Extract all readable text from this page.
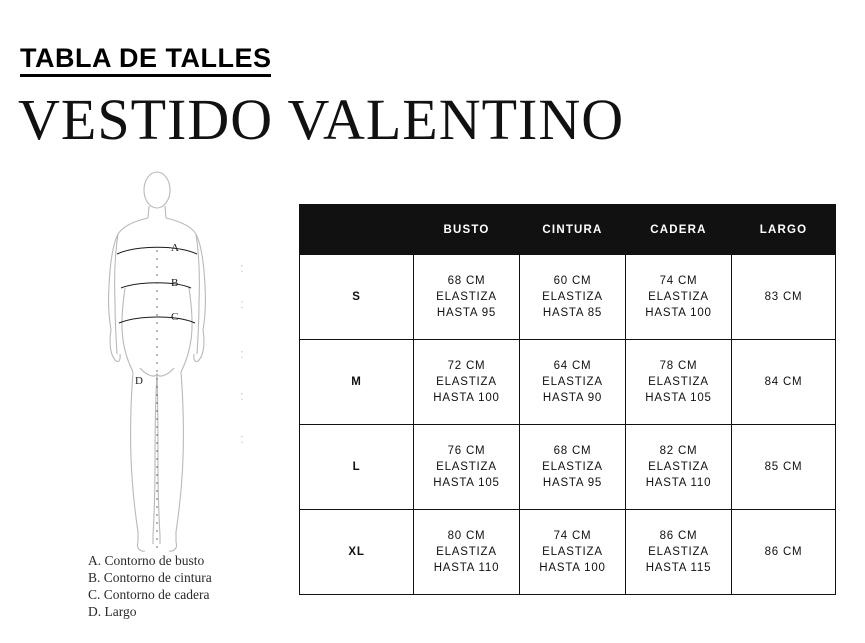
TABLA DE TALLES
VESTIDO VALENTINO
A
B
C
D
:
:
:
:
:
A. Contorno de busto
B. Contorno de cintura
C. Contorno de cadera
D. Largo
	BUSTO	CINTURA	CADERA	LARGO
S	68 CM
ELASTIZA
HASTA 95	60 CM
ELASTIZA
HASTA 85	74 CM
ELASTIZA
HASTA 100	83 CM
M	72 CM
ELASTIZA
HASTA 100	64 CM
ELASTIZA
HASTA 90	78 CM
ELASTIZA
HASTA 105	84 CM
L	76 CM
ELASTIZA
HASTA 105	68 CM
ELASTIZA
HASTA 95	82 CM
ELASTIZA
HASTA 110	85 CM
XL	80 CM
ELASTIZA
HASTA 110	74 CM
ELASTIZA
HASTA 100	86 CM
ELASTIZA
HASTA 115	86 CM
